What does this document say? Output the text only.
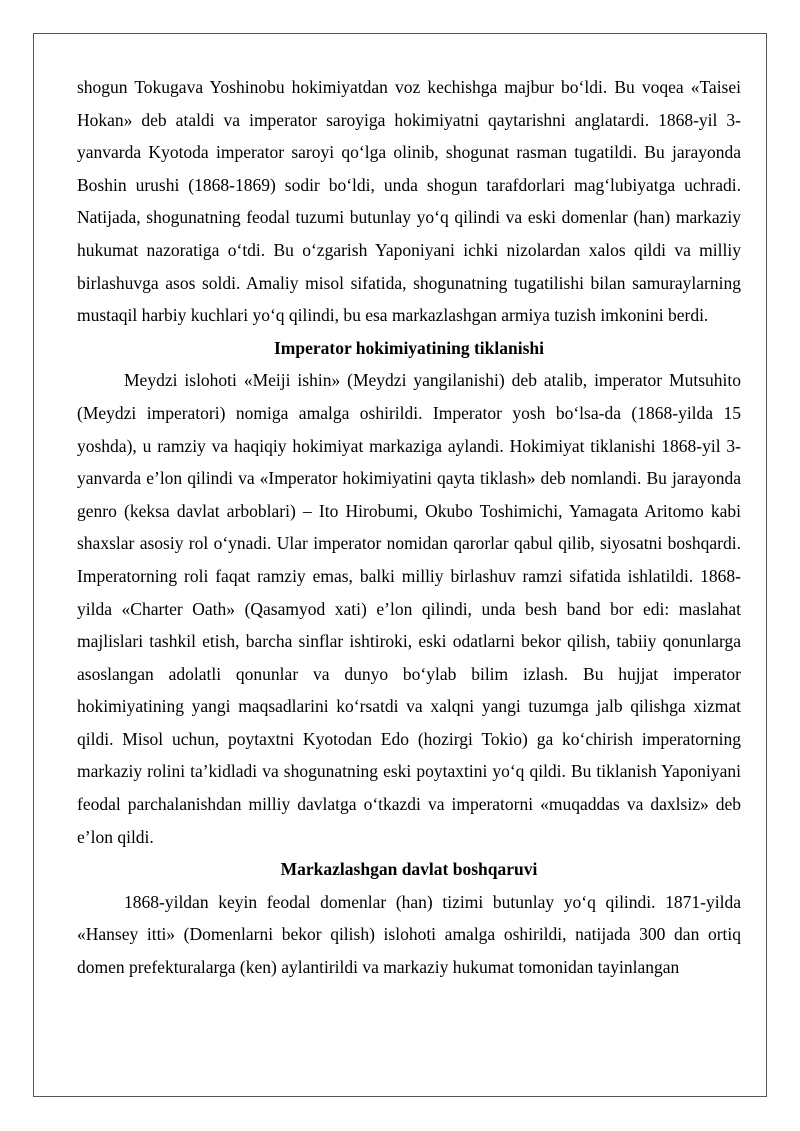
shogun Tokugava Yoshinobu hokimiyatdan voz kechishga majbur bo‘ldi. Bu voqea «Taisei Hokan» deb ataldi va imperator saroyiga hokimiyatni qaytarishni anglatardi. 1868-yil 3-yanvarda Kyotoda imperator saroyi qo‘lga olinib, shogunat rasman tugatildi. Bu jarayonda Boshin urushi (1868-1869) sodir bo‘ldi, unda shogun tarafdorlari mag‘lubiyatga uchradi. Natijada, shogunatning feodal tuzumi butunlay yo‘q qilindi va eski domenlar (han) markaziy hukumat nazoratiga o‘tdi. Bu o‘zgarish Yaponiyani ichki nizolardan xalos qildi va milliy birlashuvga asos soldi. Amaliy misol sifatida, shogunatning tugatilishi bilan samuraylarning mustaqil harbiy kuchlari yo‘q qilindi, bu esa markazlashgan armiya tuzish imkonini berdi.

Imperator hokimiyatining tiklanishi

Meydzi islohoti «Meiji ishin» (Meydzi yangilanishi) deb atalib, imperator Mutsuhito (Meydzi imperatori) nomiga amalga oshirildi. Imperator yosh bo‘lsa-da (1868-yilda 15 yoshda), u ramziy va haqiqiy hokimiyat markaziga aylandi. Hokimiyat tiklanishi 1868-yil 3-yanvarda e’lon qilindi va «Imperator hokimiyatini qayta tiklash» deb nomlandi. Bu jarayonda genro (keksa davlat arboblari) – Ito Hirobumi, Okubo Toshimichi, Yamagata Aritomo kabi shaxslar asosiy rol o‘ynadi. Ular imperator nomidan qarorlar qabul qilib, siyosatni boshqardi. Imperatorning roli faqat ramziy emas, balki milliy birlashuv ramzi sifatida ishlatildi. 1868-yilda «Charter Oath» (Qasamyod xati) e’lon qilindi, unda besh band bor edi: maslahat majlislari tashkil etish, barcha sinflar ishtiroki, eski odatlarni bekor qilish, tabiiy qonunlarga asoslangan adolatli qonunlar va dunyo bo‘ylab bilim izlash. Bu hujjat imperator hokimiyatining yangi maqsadlarini ko‘rsatdi va xalqni yangi tuzumga jalb qilishga xizmat qildi. Misol uchun, poytaxtni Kyotodan Edo (hozirgi Tokio) ga ko‘chirish imperatorning markaziy rolini ta’kidladi va shogunatning eski poytaxtini yo‘q qildi. Bu tiklanish Yaponiyani feodal parchalanishdan milliy davlatga o‘tkazdi va imperatorni «muqaddas va daxlsiz» deb e’lon qildi.

Markazlashgan davlat boshqaruvi

1868-yildan keyin feodal domenlar (han) tizimi butunlay yo‘q qilindi. 1871-yilda «Hansey itti» (Domenlarni bekor qilish) islohoti amalga oshirildi, natijada 300 dan ortiq domen prefekturalarga (ken) aylantirildi va markaziy hukumat tomonidan tayinlangan
